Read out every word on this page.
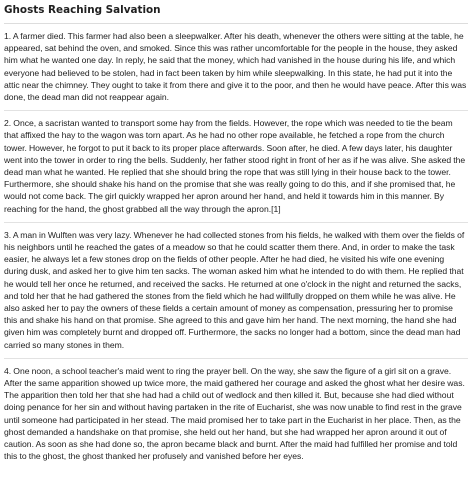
Ghosts Reaching Salvation

1. A farmer died. This farmer had also been a sleepwalker. After his death, whenever the others were sitting at the table, he appeared, sat behind the oven, and smoked. Since this was rather uncomfortable for the people in the house, they asked him what he wanted one day. In reply, he said that the money, which had vanished in the house during his life, and which everyone had believed to be stolen, had in fact been taken by him while sleepwalking. In this state, he had put it into the attic near the chimney. They ought to take it from there and give it to the poor, and then he would have peace. After this was done, the dead man did not reappear again.

2. Once, a sacristan wanted to transport some hay from the fields. However, the rope which was needed to tie the beam that affixed the hay to the wagon was torn apart. As he had no other rope available, he fetched a rope from the church tower. However, he forgot to put it back to its proper place afterwards. Soon after, he died. A few days later, his daughter went into the tower in order to ring the bells. Suddenly, her father stood right in front of her as if he was alive. She asked the dead man what he wanted. He replied that she should bring the rope that was still lying in their house back to the tower. Furthermore, she should shake his hand on the promise that she was really going to do this, and if she promised that, he would not come back. The girl quickly wrapped her apron around her hand, and held it towards him in this manner. By reaching for the hand, the ghost grabbed all the way through the apron.[1]

3. A man in Wulften was very lazy. Whenever he had collected stones from his fields, he walked with them over the fields of his neighbors until he reached the gates of a meadow so that he could scatter them there. And, in order to make the task easier, he always let a few stones drop on the fields of other people. After he had died, he visited his wife one evening during dusk, and asked her to give him ten sacks. The woman asked him what he intended to do with them. He replied that he would tell her once he returned, and received the sacks. He returned at one o'clock in the night and returned the sacks, and told her that he had gathered the stones from the field which he had willfully dropped on them while he was alive. He also asked her to pay the owners of these fields a certain amount of money as compensation, pressuring her to promise this and shake his hand on that promise. She agreed to this and gave him her hand. The next morning, the hand she had given him was completely burnt and dropped off. Furthermore, the sacks no longer had a bottom, since the dead man had carried so many stones in them.

4. One noon, a school teacher's maid went to ring the prayer bell. On the way, she saw the figure of a girl sit on a grave. After the same apparition showed up twice more, the maid gathered her courage and asked the ghost what her desire was. The apparition then told her that she had had a child out of wedlock and then killed it. But, because she had died without doing penance for her sin and without having partaken in the rite of Eucharist, she was now unable to find rest in the grave until someone had participated in her stead. The maid promised her to take part in the Eucharist in her place. Then, as the ghost demanded a handshake on that promise, she held out her hand, but she had wrapped her apron around it out of caution. As soon as she had done so, the apron became black and burnt. After the maid had fulfilled her promise and told this to the ghost, the ghost thanked her profusely and vanished before her eyes.
